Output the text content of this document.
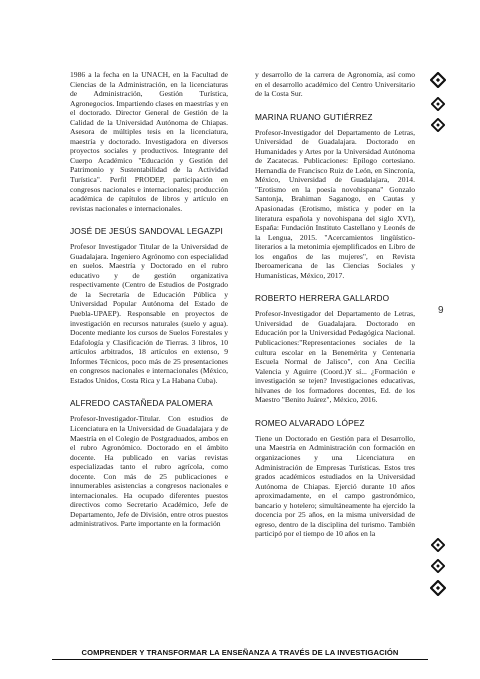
1986 a la fecha en la UNACH, en la Facultad de Ciencias de la Administración, en la licenciaturas de Administración, Gestión Turística, Agronegocios. Impartiendo clases en maestrías y en el doctorado. Director General de Gestión de la Calidad de la Universidad Autónoma de Chiapas. Asesora de múltiples tesis en la licenciatura, maestría y doctorado. Investigadora en diversos proyectos sociales y productivos. Integrante del Cuerpo Académico "Educación y Gestión del Patrimonio y Sustentabilidad de la Actividad Turística". Perfil PRODEP, participación en congresos nacionales e internacionales; producción académica de capítulos de libros y artículo en revistas nacionales e internacionales.

JOSÉ DE JESÚS SANDOVAL LEGAZPI

Profesor Investigador Titular de la Universidad de Guadalajara. Ingeniero Agrónomo con especialidad en suelos. Maestría y Doctorado en el rubro educativo y de gestión organizativa respectivamente (Centro de Estudios de Postgrado de la Secretaría de Educación Pública y Universidad Popular Autónoma del Estado de Puebla-UPAEP). Responsable en proyectos de investigación en recursos naturales (suelo y agua). Docente mediante los cursos de Suelos Forestales y Edafología y Clasificación de Tierras. 3 libros, 10 artículos arbitrados, 18 artículos en extenso, 9 Informes Técnicos, poco más de 25 presentaciones en congresos nacionales e internacionales (México, Estados Unidos, Costa Rica y La Habana Cuba).

ALFREDO CASTAÑEDA PALOMERA

Profesor-Investigador-Titular. Con estudios de Licenciatura en la Universidad de Guadalajara y de Maestría en el Colegio de Postgraduados, ambos en el rubro Agronómico. Doctorado en el ámbito docente. Ha publicado en varias revistas especializadas tanto el rubro agrícola, como docente. Con más de 25 publicaciones e innumerables asistencias a congresos nacionales e internacionales. Ha ocupado diferentes puestos directivos como Secretario Académico, Jefe de Departamento, Jefe de División, entre otros puestos administrativos. Parte importante en la formación

y desarrollo de la carrera de Agronomía, así como en el desarrollo académico del Centro Universitario de la Costa Sur.

MARINA RUANO GUTIÉRREZ

Profesor-Investigador del Departamento de Letras, Universidad de Guadalajara. Doctorado en Humanidades y Artes por la Universidad Autónoma de Zacatecas. Publicaciones: Epílogo cortesiano. Hernandía de Francisco Ruiz de León, en Sincronía, México, Universidad de Guadalajara, 2014. "Erotismo en la poesía novohispana" Gonzalo Santonja, Brahiman Saganogo, en Cautas y Apasionadas (Erotismo, mística y poder en la literatura española y novohispana del siglo XVI), España: Fundación Instituto Castellano y Leonés de la Lengua, 2015. "Acercamientos lingüístico-literarios a la metonimia ejemplificados en Libro de los engaños de las mujeres", en Revista Iberoamericana de las Ciencias Sociales y Humanísticas, México, 2017.

ROBERTO HERRERA GALLARDO

Profesor-Investigador del Departamento de Letras, Universidad de Guadalajara. Doctorado en Educación por la Universidad Pedagógica Nacional. Publicaciones:"Representaciones sociales de la cultura escolar en la Benemérita y Centenaria Escuela Normal de Jalisco", con Ana Cecilia Valencia y Aguirre (Coord.)Y sí... ¿Formación e investigación se tejen? Investigaciones educativas, hilvanes de los formadores docentes, Ed. de los Maestro "Benito Juárez", México, 2016.

ROMEO ALVARADO LÓPEZ

Tiene un Doctorado en Gestión para el Desarrollo, una Maestría en Administración con formación en organizaciones y una Licenciatura en Administración de Empresas Turísticas. Estos tres grados académicos estudiados en la Universidad Autónoma de Chiapas. Ejerció durante 10 años aproximadamente, en el campo gastronómico, bancario y hotelero; simultáneamente ha ejercido la docencia por 25 años, en la misma universidad de egreso, dentro de la disciplina del turismo. También participó por el tiempo de 10 años en la

9
COMPRENDER Y TRANSFORMAR LA ENSEÑANZA A TRAVÉS DE LA INVESTIGACIÓN
